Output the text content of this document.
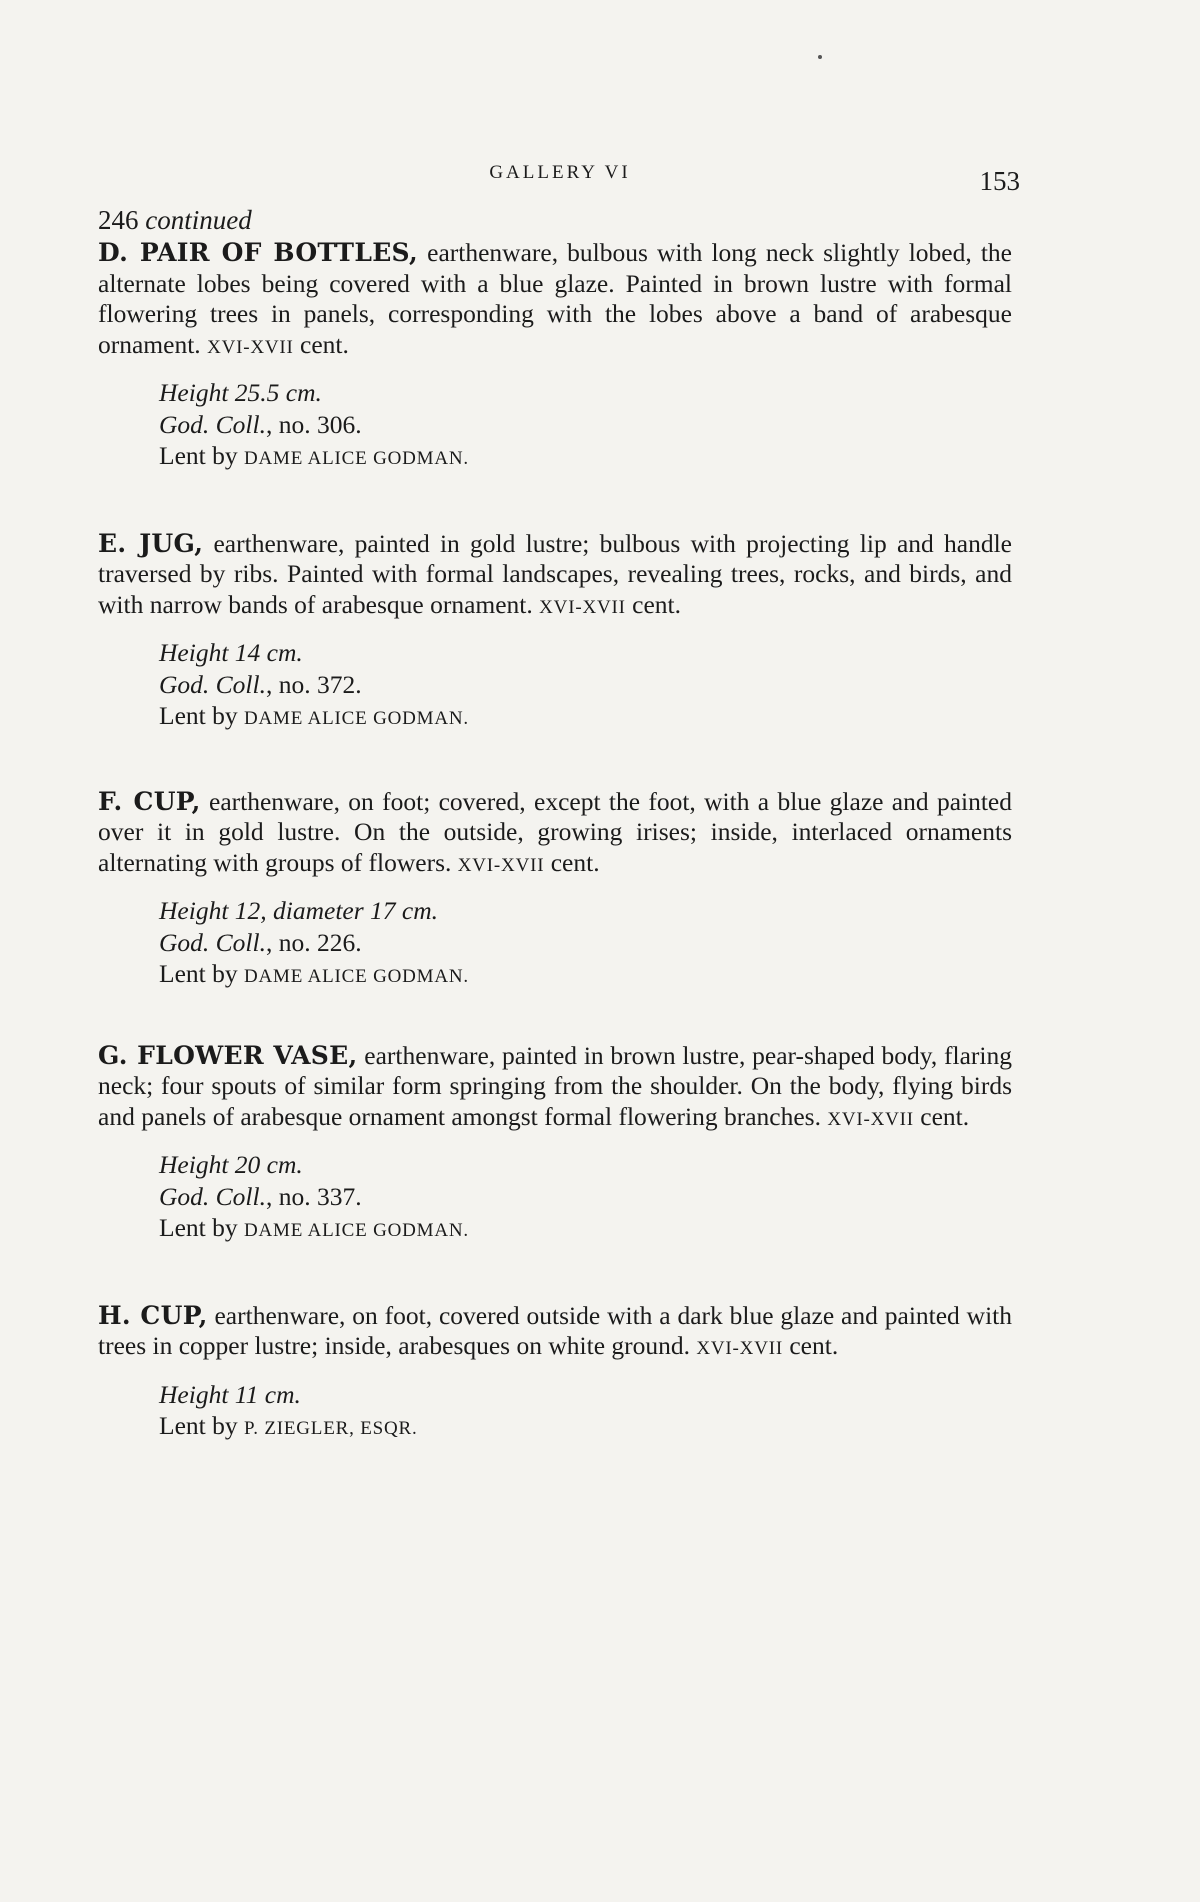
GALLERY VI	153
246 continued

D. PAIR OF BOTTLES, earthenware, bulbous with long neck slightly lobed, the alternate lobes being covered with a blue glaze. Painted in brown lustre with formal flowering trees in panels, corresponding with the lobes above a band of arabesque ornament. XVI-XVII cent.

Height 25.5 cm.
God. Coll., no. 306.
Lent by DAME ALICE GODMAN.

E. JUG, earthenware, painted in gold lustre; bulbous with projecting lip and handle traversed by ribs. Painted with formal landscapes, revealing trees, rocks, and birds, and with narrow bands of arabesque ornament. XVI-XVII cent.

Height 14 cm.
God. Coll., no. 372.
Lent by DAME ALICE GODMAN.

F. CUP, earthenware, on foot; covered, except the foot, with a blue glaze and painted over it in gold lustre. On the outside, growing irises; inside, interlaced ornaments alternating with groups of flowers. XVI-XVII cent.

Height 12, diameter 17 cm.
God. Coll., no. 226.
Lent by DAME ALICE GODMAN.

G. FLOWER VASE, earthenware, painted in brown lustre, pear-shaped body, flaring neck; four spouts of similar form springing from the shoulder. On the body, flying birds and panels of arabesque ornament amongst formal flowering branches. XVI-XVII cent.

Height 20 cm.
God. Coll., no. 337.
Lent by DAME ALICE GODMAN.

H. CUP, earthenware, on foot, covered outside with a dark blue glaze and painted with trees in copper lustre; inside, arabesques on white ground. XVI-XVII cent.

Height 11 cm.
Lent by P. ZIEGLER, ESQR.
